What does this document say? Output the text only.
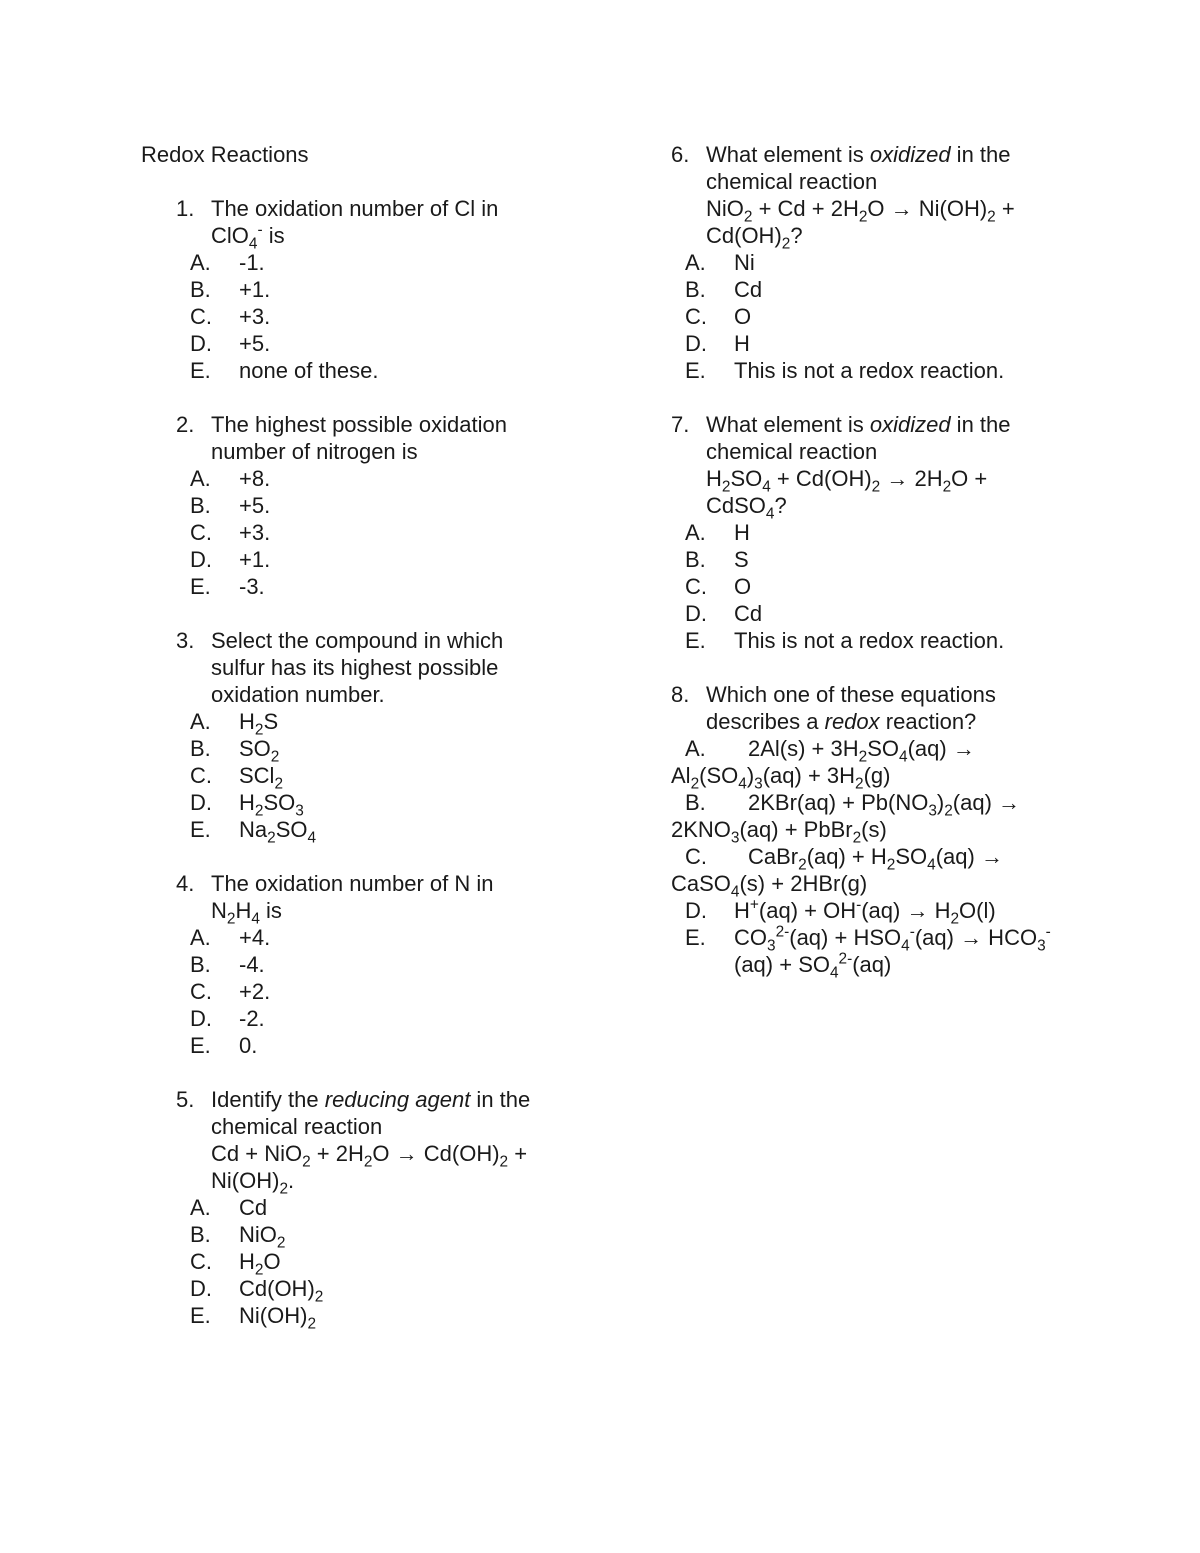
Redox Reactions
1. The oxidation number of Cl in
ClO$_4$- is
A.	-1.
B.	+1.
C.	+3.
D.	+5.
E.	none of these.
2. The highest possible oxidation
number of nitrogen is
A.	+8.
B.	+5.
C.	+3.
D.	+1.
E.	-3.
3. Select the compound in which
sulfur has its highest possible
oxidation number.
A.	$H_2S$
B.	$SO_2$
C.	SCl$_2$
D.	$H_2SO_3$
E.	$Na_2SO_4$
4. The oxidation number of N in
$N_2H_4$ is
A.	+4.
B.	-4.
C.	+2.
D.	-2.
E.	0.
5. Identify the reducing agent in the
chemical reaction
$Cd + NiO_2 + 2H_2O \to Cd(OH)_2$ +
$Ni(OH)_2$.
A.	Cd
B.	NiO$_2$
C.	$H_2O$
D.	$Cd(OH)_2$
E.	$Ni(OH)_2$
6. What element is oxidized in the
chemical reaction
$NiO_2 + Cd + 2H_2O \to Ni(OH)_2$ +
$Cd(OH)_2$?
A.	Ni
B.	Cd
C.	O
D.	H
E.	This is not a redox reaction.
7. What element is oxidized in the
chemical reaction
$H_2SO_4 + Cd(OH)_2 \to 2H_2O$ +
CdSO$_4$?
A.	H
B.	S
C.	O
D.	Cd
E.	This is not a redox reaction.
8. Which one of these equations
describes a redox reaction?
A.	$2Al(s) + 3H_2SO_4(aq)$ →
$Al_2(SO_4)_3(aq) + 3H_2(g)$
B.	$2KBr(aq) + Pb(NO_3)_2(aq)$ →
$2KNO_3(aq)$ + PbBr$_2$(s)
C.	CaBr$_2$(aq) + $H_2SO_4(aq)$ →
CaSO$_4$(s) + 2HBr(g)
D.	$H^+(aq) + OH^-(aq) \to H_2O(l)$
E.	$CO_3^{2-}(aq) + HSO_4^-(aq) \to HCO_3^-$
$(aq) + SO_4^{2-}(aq)$
